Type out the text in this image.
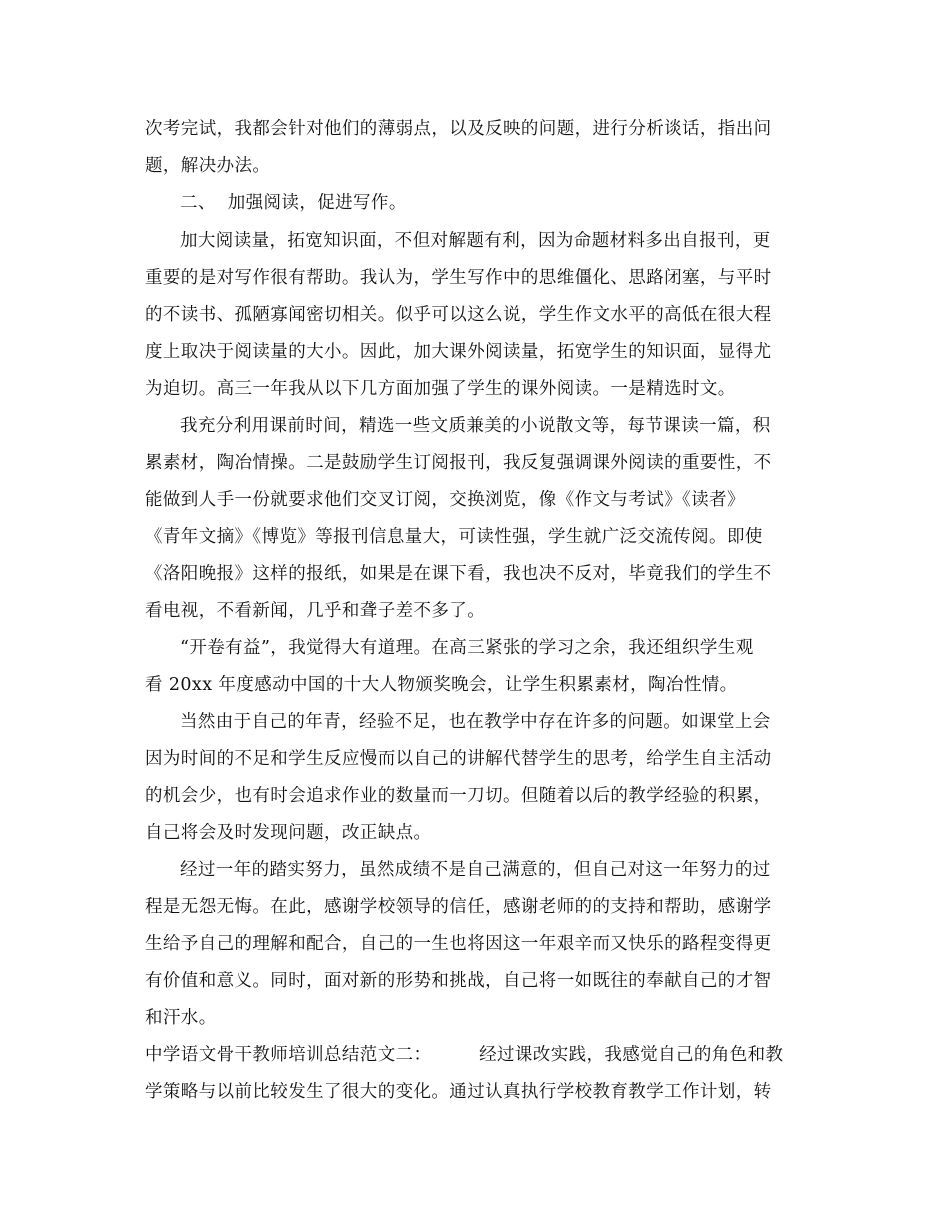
次考完试，我都会针对他们的薄弱点，以及反映的问题，进行分析谈话，指出问
题，解决办法。
二、  加强阅读，促进写作。
加大阅读量，拓宽知识面，不但对解题有利，因为命题材料多出自报刊，更
重要的是对写作很有帮助。我认为，学生写作中的思维僵化、思路闭塞，与平时
的不读书、孤陋寡闻密切相关。似乎可以这么说，学生作文水平的高低在很大程
度上取决于阅读量的大小。因此，加大课外阅读量，拓宽学生的知识面，显得尤
为迫切。高三一年我从以下几方面加强了学生的课外阅读。一是精选时文。
我充分利用课前时间，精选一些文质兼美的小说散文等，每节课读一篇，积
累素材，陶冶情操。二是鼓励学生订阅报刊，我反复强调课外阅读的重要性，不
能做到人手一份就要求他们交叉订阅，交换浏览，像《作文与考试》《读者》
《青年文摘》《博览》等报刊信息量大，可读性强，学生就广泛交流传阅。即使
《洛阳晚报》这样的报纸，如果是在课下看，我也决不反对，毕竟我们的学生不
看电视，不看新闻，几乎和聋子差不多了。
“开卷有益”，我觉得大有道理。在高三紧张的学习之余，我还组织学生观
看 20xx 年度感动中国的十大人物颁奖晚会，让学生积累素材，陶冶性情。
当然由于自己的年青，经验不足，也在教学中存在许多的问题。如课堂上会
因为时间的不足和学生反应慢而以自己的讲解代替学生的思考，给学生自主活动
的机会少，也有时会追求作业的数量而一刀切。但随着以后的教学经验的积累，
自己将会及时发现问题，改正缺点。
经过一年的踏实努力，虽然成绩不是自己满意的，但自己对这一年努力的过
程是无怨无悔。在此，感谢学校领导的信任，感谢老师的的支持和帮助，感谢学
生给予自己的理解和配合，自己的一生也将因这一年艰辛而又快乐的路程变得更
有价值和意义。同时，面对新的形势和挑战，自己将一如既往的奉献自己的才智
和汗水。
中学语文骨干教师培训总结范文二：        经过课改实践，我感觉自己的角色和教
学策略与以前比较发生了很大的变化。通过认真执行学校教育教学工作计划，转
